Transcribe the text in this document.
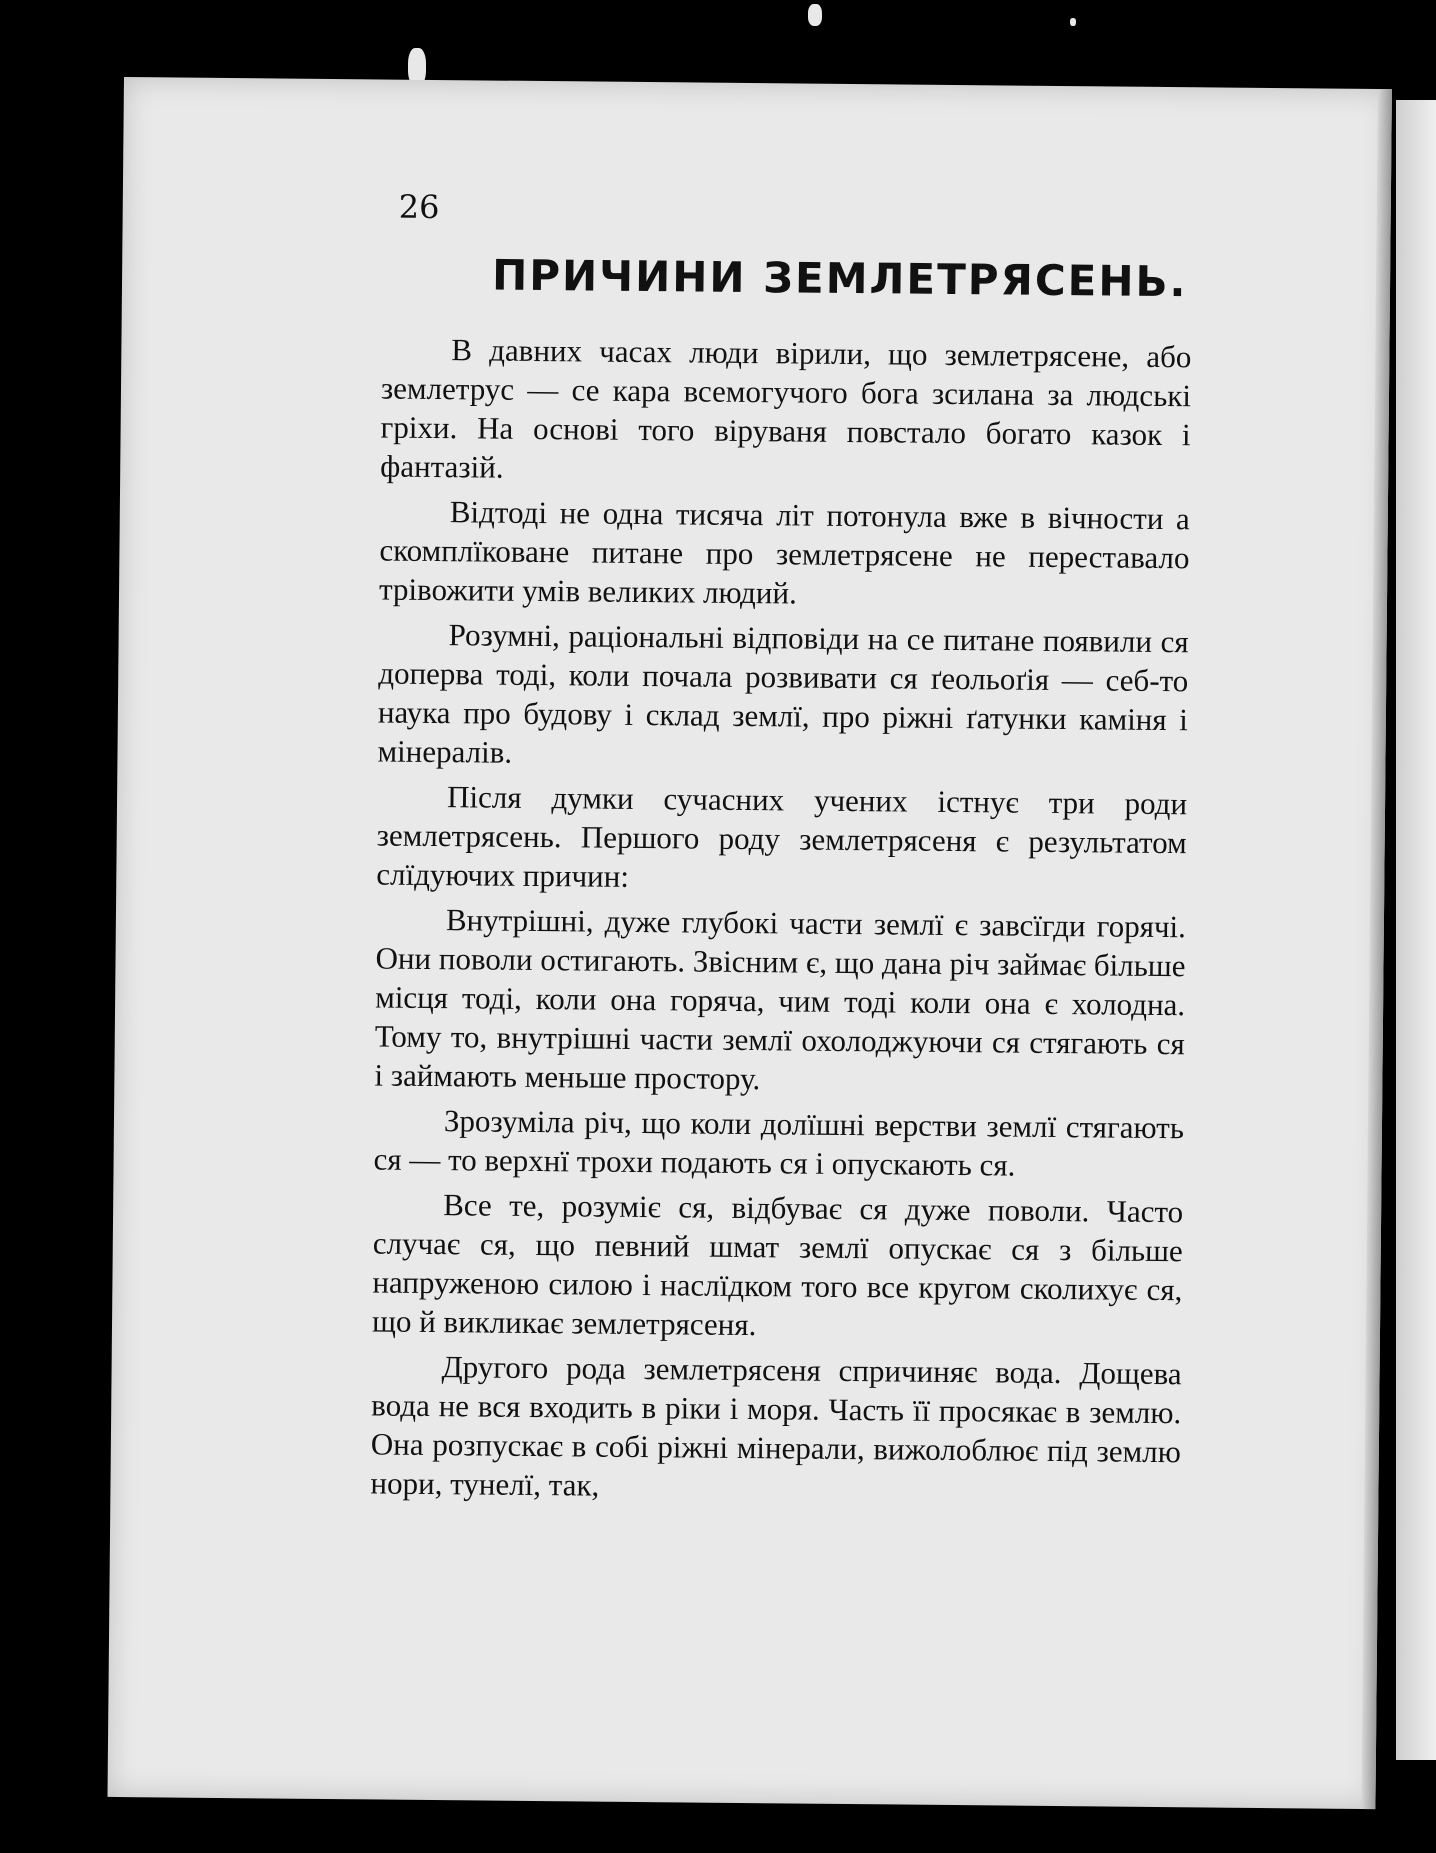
26

ПРИЧИНИ ЗЕМЛЕТРЯСЕНЬ.

В давних часах люди вірили, що землетрясене, або землетрус — се кара всемогучого бога зсилана за людські гріхи. На основі того віруваня повстало богато казок і фантазій.

Відтоді не одна тисяча літ потонула вже в вічности а скомплїковане питане про землетрясене не переставало трівожити умів великих людий.

Розумні, раціональні відповіди на се питане появили ся доперва тоді, коли почала розвивати ся ґеольоґія — себ-то наука про будову і склад землї, про ріжні ґатунки каміня і мінералів.

Після думки сучасних учених істнує три роди землетрясень. Першого роду землетрясеня є результатом слїдуючих причин:

Внутрішні, дуже глубокі части землї є завсїгди горячі. Они поволи остигають. Звісним є, що дана річ займає більше місця тоді, коли она горяча, чим тоді коли она є холодна. Тому то, внутрішні части землї охолоджуючи ся стягають ся і займають меньше простору.

Зрозуміла річ, що коли долїшні верстви землї стягають ся — то верхнї трохи подають ся і опускають ся.

Все те, розуміє ся, відбуває ся дуже поволи. Часто случає ся, що певний шмат землї опускає ся з більше напруженою силою і наслїдком того все кругом сколихує ся, що й викликає землетрясеня.

Другого рода землетрясеня спричиняє вода. Дощева вода не вся входить в ріки і моря. Часть її просякає в землю. Она розпускає в собі ріжні мінерали, вижолоблює під землю нори, тунелї, так,
